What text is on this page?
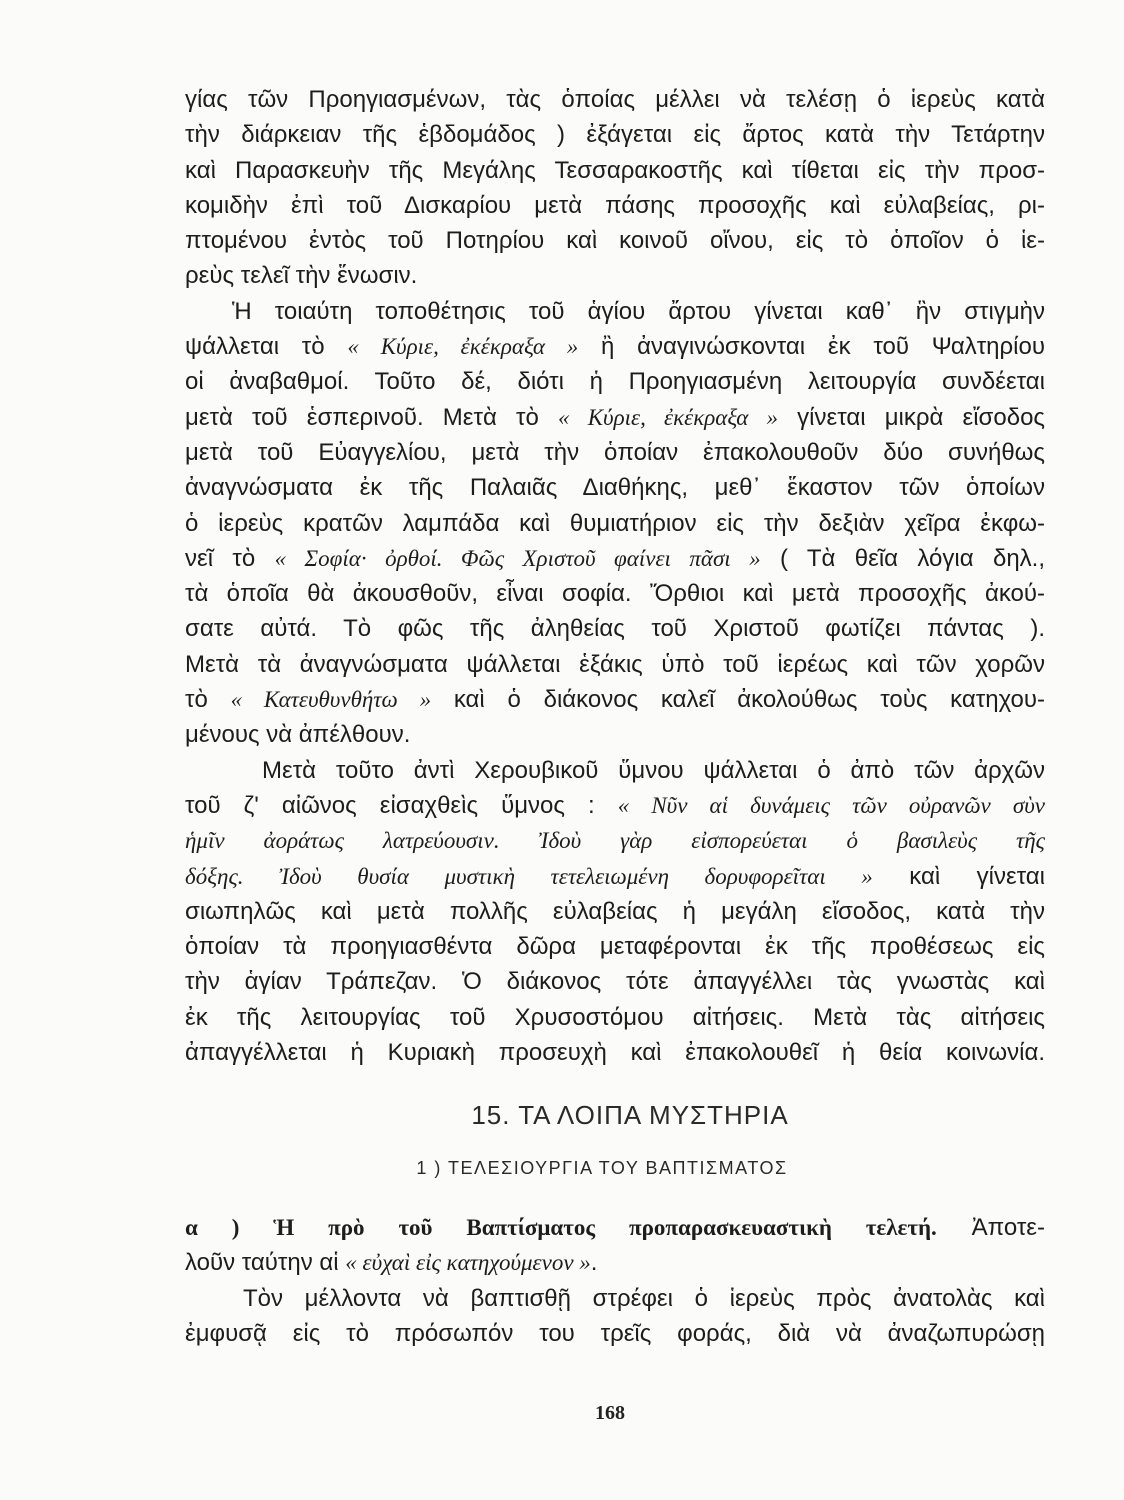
γίας τῶν Προηγιασμένων, τὰς ὁποίας μέλλει νὰ τελέσῃ ὁ ἱερεὺς κατὰ
τὴν διάρκειαν τῆς ἑβδομάδος ) ἐξάγεται εἰς ἄρτος κατὰ τὴν Τετάρτην
καὶ Παρασκευὴν τῆς Μεγάλης Τεσσαρακοστῆς καὶ τίθεται εἰς τὴν προσ-
κομιδὴν ἐπὶ τοῦ Δισκαρίου μετὰ πάσης προσοχῆς καὶ εὐλαβείας, ρι-
πτομένου ἐντὸς τοῦ Ποτηρίου καὶ κοινοῦ οἴνου, εἰς τὸ ὁποῖον ὁ ἱε-
ρεὺς τελεῖ τὴν ἕνωσιν.
Ἡ τοιαύτη τοποθέτησις τοῦ ἁγίου ἄρτου γίνεται καθ᾽ ἣν στιγμὴν
ψάλλεται τὸ « Κύριε, ἐκέκραξα » ἢ ἀναγινώσκονται ἐκ τοῦ Ψαλτηρίου
οἱ ἀναβαθμοί. Τοῦτο δέ, διότι ἡ Προηγιασμένη λειτουργία συνδέεται
μετὰ τοῦ ἑσπερινοῦ. Μετὰ τὸ « Κύριε, ἐκέκραξα » γίνεται μικρὰ εἴσοδος
μετὰ τοῦ Εὐαγγελίου, μετὰ τὴν ὁποίαν ἐπακολουθοῦν δύο συνήθως
ἀναγνώσματα ἐκ τῆς Παλαιᾶς Διαθήκης, μεθ᾽ ἕκαστον τῶν ὁποίων
ὁ ἱερεὺς κρατῶν λαμπάδα καὶ θυμιατήριον εἰς τὴν δεξιὰν χεῖρα ἐκφω-
νεῖ τὸ « Σοφία· ὀρθοί. Φῶς Χριστοῦ φαίνει πᾶσι » ( Τὰ θεῖα λόγια δηλ.,
τὰ ὁποῖα θὰ ἀκουσθοῦν, εἶναι σοφία. Ὄρθιοι καὶ μετὰ προσοχῆς ἀκού-
σατε αὐτά. Τὸ φῶς τῆς ἀληθείας τοῦ Χριστοῦ φωτίζει πάντας ).
Μετὰ τὰ ἀναγνώσματα ψάλλεται ἑξάκις ὑπὸ τοῦ ἱερέως καὶ τῶν χορῶν
τὸ « Κατευθυνθήτω » καὶ ὁ διάκονος καλεῖ ἀκολούθως τοὺς κατηχου-
μένους νὰ ἀπέλθουν.
Μετὰ τοῦτο ἀντὶ Χερουβικοῦ ὕμνου ψάλλεται ὁ ἀπὸ τῶν ἀρχῶν
τοῦ ζ' αἰῶνος εἰσαχθεὶς ὕμνος : « Νῦν αἱ δυνάμεις τῶν οὐρανῶν σὺν
ἡμῖν ἀοράτως λατρεύουσιν. Ἰδοὺ γὰρ εἰσπορεύεται ὁ βασιλεὺς τῆς
δόξης. Ἰδοὺ θυσία μυστικὴ τετελειωμένη δορυφορεῖται » καὶ γίνεται
σιωπηλῶς καὶ μετὰ πολλῆς εὐλαβείας ἡ μεγάλη εἴσοδος, κατὰ τὴν
ὁποίαν τὰ προηγιασθέντα δῶρα μεταφέρονται ἐκ τῆς προθέσεως εἰς
τὴν ἁγίαν Τράπεζαν. Ὁ διάκονος τότε ἀπαγγέλλει τὰς γνωστὰς καὶ
ἐκ τῆς λειτουργίας τοῦ Χρυσοστόμου αἰτήσεις. Μετὰ τὰς αἰτήσεις
ἀπαγγέλλεται ἡ Κυριακὴ προσευχὴ καὶ ἐπακολουθεῖ ἡ θεία κοινωνία.
15. ΤΑ ΛΟΙΠΑ ΜΥΣΤΗΡΙΑ
1 ) ΤΕΛΕΣΙΟΥΡΓΙΑ ΤΟΥ ΒΑΠΤΙΣΜΑΤΟΣ
α ) Ἡ πρὸ τοῦ Βαπτίσματος προπαρασκευαστικὴ τελετή. Ἀποτε-
λοῦν ταύτην αἱ « εὐχαὶ εἰς κατηχούμενον ».
Τὸν μέλλοντα νὰ βαπτισθῇ στρέφει ὁ ἱερεὺς πρὸς ἀνατολὰς καὶ
ἐμφυσᾷ εἰς τὸ πρόσωπόν του τρεῖς φοράς, διὰ νὰ ἀναζωπυρώσῃ
168
